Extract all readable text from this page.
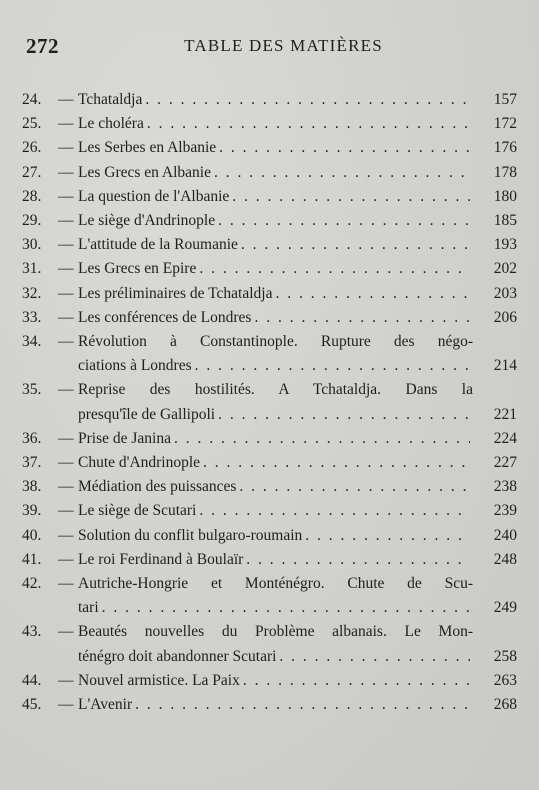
272	TABLE DES MATIÈRES
24.	— Tchataldja . . .	157
25.	— Le choléra . . .	172
26.	— Les Serbes en Albanie . . .	176
27.	— Les Grecs en Albanie . . .	178
28.	— La question de l'Albanie . . .	180
29.	— Le siège d'Andrinople . . .	185
30.	— L'attitude de la Roumanie . . .	193
31.	— Les Grecs en Epire . . .	202
32.	— Les préliminaires de Tchataldja . . .	203
33.	— Les conférences de Londres . . .	206
34.	— Révolution à Constantinople. Rupture des négo-
ciations à Londres . . .	214
35.	— Reprise des hostilités. A Tchataldja. Dans la
presqu'île de Gallipoli . . .	221
36.	— Prise de Janina . . .	224
37.	— Chute d'Andrinople . . .	227
38.	— Médiation des puissances . . .	238
39.	— Le siège de Scutari . . .	239
40.	— Solution du conflit bulgaro-roumain . . .	240
41.	— Le roi Ferdinand à Boulaïr . . .	248
42.	— Autriche-Hongrie et Monténégro. Chute de Scu-
tari . . .	249
43.	— Beautés nouvelles du Problème albanais. Le Mon-
ténégro doit abandonner Scutari . . .	258
44.	— Nouvel armistice. La Paix . . .	263
45.	— L'Avenir . . .	268
